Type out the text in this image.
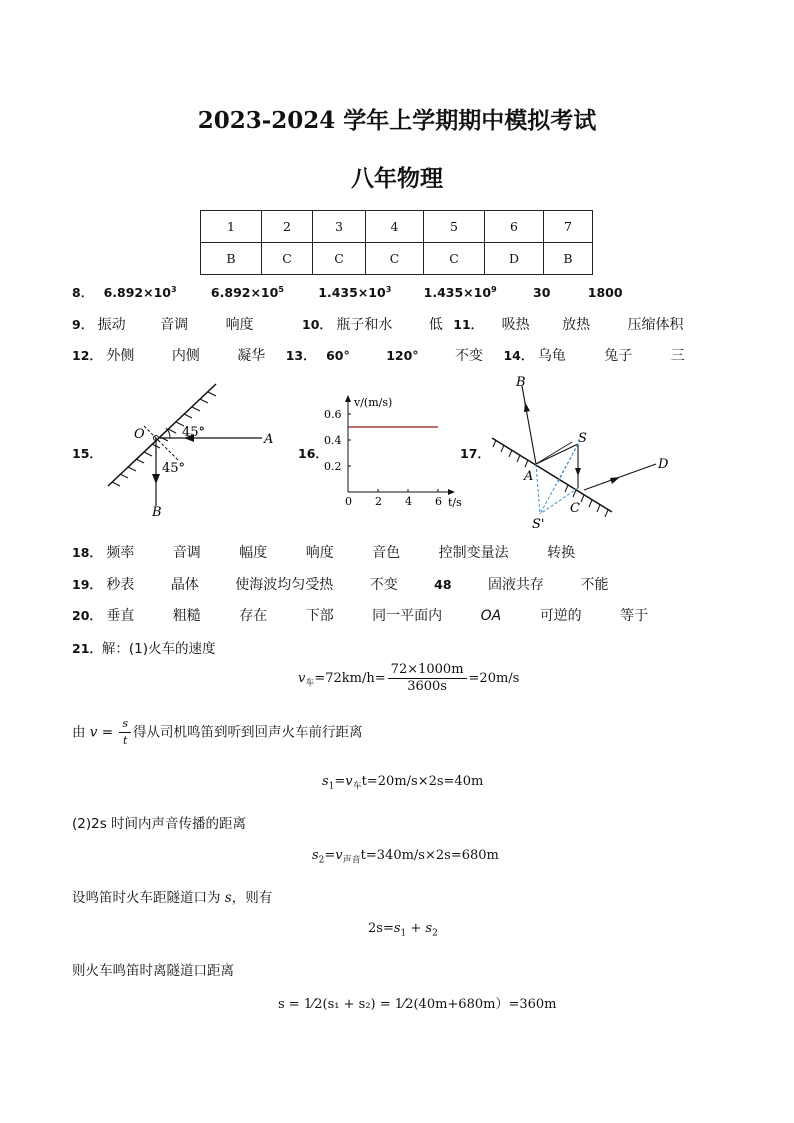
2023-2024 学年上学期期中模拟考试
八年物理
1	2	3	4	5	6	7
B	C	C	C	C	D	B
8． $6.892\times 10^3$	$6.892\times 10^5$	$1.435\times 10^3$	$1.435\times 10^9$	30	1800
9． 振动 音调	响度	10． 瓶子和水	低 11． 吸热 放热	压缩体积
12． 外侧	内侧	凝华 13． 60°	120°	不变 14． 乌龟	兔子	三
15．
O	A
B
45°
45°
16．
v/(m/s)
t/s
0 2 4 6
0.2
0.4
0.6
17．
B
S
D
A
C
S'
18． 频率	音调	幅度	响度	音色	控制变量法	转换
19． 秒表	晶体	使海波均匀受热	不变	48	固液共存	不能
20． 垂直	粗糙	存在	下部	同一平面内	OA	可逆的	等于
21．解：(1)火车的速度
$v_车=72km/h= \frac{72\times 1000m}{3600s} =20m/s$
由 $v = \frac{s}{t}$ 得从司机鸣笛到听到回声火车前行距离
$s_1=v_车t=20m/s\times 2s=40m$
(2)2s 时间内声音传播的距离
$s_2=v_{声音}t=340m/s\times 2s=680m$
设鸣笛时火车距隧道口为 s，则有
$2s=s_1 + s_2$
则火车鸣笛时离隧道口距离
s = 1⁄2(s₁ + s₂) = 1⁄2(40m+680m）=360m
